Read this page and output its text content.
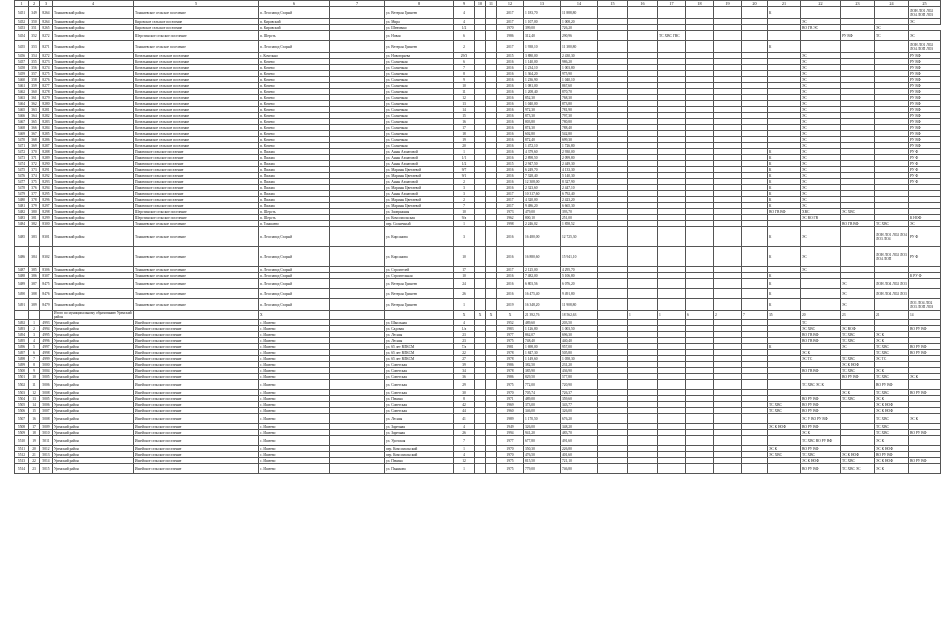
1	2	3	4	5	6	7	8	9	10	11	12	13	14	15	16	17	18	19	20	21	22	23	24	25
5451	349	8264	Тоншаевский район	Тоншаевское сельское поселение	п. Лесозавод Старый		ул. Ветеран Гринеев	4			2017	1 183,70	11 888,80							К				ЛОН ЛО1 ЛО2 ЛО4 ЛОП ЛО3
5452	350	8264	Тоншаевский район	Кировское сельское поселение	п. Кировский		ул. Мира	4			2017	1 107,00	1 008,20								ЭС			ЭС
5453	351	8265	Тоншаевский район	Кировское сельское поселение	п. Кировский		ул. Шевченко	1/2			1970	399,00	726,20								ВО ГВ ЭС		ЭС	
5454	352	8272	Тоншаевский район	Шерстинское сельское поселение	п. Шерсть		ул. Новая	6			1986	312,40	290,96			ТС ХВС ГВС						РУ ВФ	ТС	ЭС
5455	353	8271	Тоншаевский район	Тоншаевское сельское поселение	п. Лесозавод Старый		ул. Ветеран Гринеев	2			2017	1 938,10	11 380,80							К				ЛОН ЛО1 ЛО2 ЛО4 ЛОП ЛО3
5456	354	8272	Тоншаевский район	Кочельнинское сельское поселение	с. Кочельно		ул. Новоюрьева	29/3			2015	3 880,00	2 430,30								ЭС			РУ ВФ
5457	355	8273	Тоншаевский район	Кочельнинское сельское поселение	п. Кочево		ул. Солнечная	6			2016	1 140,00	986,20								ЭС			РУ ВФ
5458	356	8274	Тоншаевский район	Кочельнинское сельское поселение	п. Кочево		ул. Солнечная	7			2016	1 234,10	1 003,80								ЭС			РУ ВФ
5459	357	8275	Тоншаевский район	Кочельнинское сельское поселение	п. Кочево		ул. Солнечная	8			2016	1 364,20	975,90								ЭС			РУ ВФ
5460	358	8276	Тоншаевский район	Кочельнинское сельское поселение	п. Кочево		ул. Солнечная	9			2016	1 236,90	1 040,10								ЭС			РУ ВФ
5461	359	8277	Тоншаевский район	Кочельнинское сельское поселение	п. Кочево		ул. Солнечная	10			2016	1 081,00	867,60								ЭС			РУ ВФ
5462	360	8278	Тоншаевский район	Кочельнинское сельское поселение	п. Кочево		ул. Солнечная	11			2016	1 208,40	870,70								ЭС			РУ ВФ
5463	361	8279	Тоншаевский район	Кочельнинское сельское поселение	п. Кочево		ул. Солнечная	12			2016	852,30	768,30								ЭС			РУ ВФ
5464	362	8280	Тоншаевский район	Кочельнинское сельское поселение	п. Кочево		ул. Солнечная	13			2016	1 040,00	873,80								ЭС			РУ ВФ
5465	363	8281	Тоншаевский район	Кочельнинское сельское поселение	п. Кочево		ул. Солнечная	14			2016	972,30	781,90								ЭС			РУ ВФ
5466	364	8282	Тоншаевский район	Кочельнинское сельское поселение	п. Кочево		ул. Солнечная	15			2016	873,30	797,30								ЭС			РУ ВФ
5467	365	8283	Тоншаевский район	Кочельнинское сельское поселение	п. Кочево		ул. Солнечная	16			2016	803,80	780,80								ЭС			РУ ВФ
5468	366	8284	Тоншаевский район	Кочельнинское сельское поселение	п. Кочево		ул. Солнечная	17			2016	874,30	788,40								ЭС			РУ ВФ
5469	367	8285	Тоншаевский район	Кочельнинское сельское поселение	п. Кочево		ул. Солнечная	18			2016	602,80	542,80								ЭС			РУ ВФ
5470	368	8286	Тоншаевский район	Кочельнинское сельское поселение	п. Кочево		ул. Солнечная	19			2016	872,40	699,30								ЭС			РУ ВФ
5471	369	8287	Тоншаевский район	Кочельнинское сельское поселение	п. Кочево		ул. Солнечная	20			2016	1 472,10	1 726,80								ЭС			РУ ВФ
5472	370	8288	Тоншаевский район	Пижемское сельское поселение	п. Пижма		ул. Анны Ахматовой	1			2016	4 379,60	2 930,00							К	ЭС			РУ Ф
5473	371	8289	Тоншаевский район	Пижемское сельское поселение	п. Пижма		ул. Анны Ахматовой	1/1			2016	2 898,50	2 099,80							К	ЭС			РУ Ф
5474	372	8290	Тоншаевский район	Пижемское сельское поселение	п. Пижма		ул. Анны Ахматовой	1/2			2015	2 947,50	2 449,30							К	ЭС			РУ Ф
5475	373	8291	Тоншаевский район	Пижемское сельское поселение	п. Пижма		ул. Марины Цветаевой	9/7			2016	6 249,70	4 133,30							К	ЭС			РУ Ф
5476	374	8292	Тоншаевский район	Пижемское сельское поселение	п. Пижма		ул. Марины Цветаевой	9/1			2016	7 328,40	5 140,30							К	ЭС			РУ Ф
5477	375	8293	Тоншаевский район	Пижемское сельское поселение	п. Пижма		ул. Анны Ахматовой	2			2016	12 308,00	8 327,90							К	ЭС			РУ Ф
5478	376	8294	Тоншаевский район	Пижемское сельское поселение	п. Пижма		ул. Марины Цветаевой	3			2016	2 323,60	2 447,10							К	ЭС			
5479	377	8295	Тоншаевский район	Пижемское сельское поселение	п. Пижма		ул. Анны Ахматовой	3			2017	10 317,60	6 792,40							К	ЭС			
5480	378	8296	Тоншаевский район	Пижемское сельское поселение	п. Пижма		ул. Марины Цветаевой	2			2017	4 320,00	2 423,20							К	ЭС			
5481	379	8297	Тоншаевский район	Пижемское сельское поселение	п. Пижма		ул. Марины Цветаевой	7			2017	9 486,20	6 665,30							К	ЭС			
5482	380	8298	Тоншаевский район	Шерстинское сельское поселение	п. Шерсть		ул. Заовражная	10			1973	479,00	393,70							ВО ГВ ВФ	ХВС	ЭС ХВС		
5483	381	8299	Тоншаевский район	Шерстинское сельское поселение	п. Шерсть		ул. Комсомольская	9/а			1962	800,10	251,00								ЭС ВО ГВ			К НОФ
5484	382	8300	Тоншаевский район	Тоншаевское сельское поселение	п. Тоншаево		пер. Солнечный	1			1998	2 246,02	1 858,52									ВО ГВ ВФ	ТС ХВС	ЭС
5485	383	8301	Тоншаевский район	Тоншаевское сельское поселение	п. Лесозавод Старый		ул. Кирсанова	3			2016	16 480,00	12 725,30							К	ЭС		ЛОН ЛО1 ЛО2 ЛО4 ЛО3 ЛО4	РУ Ф
5486	384	8302	Тоншаевский район	Тоншаевское сельское поселение	п. Лесозавод Старый		ул. Кирсанова	10			2016	16 880,60	15 941,10							К	ЭС		ЛОН ЛО1 ЛО2 ЛО3 ЛО4 ЛОП	РУ Ф
5487	385	8306	Тоншаевский район	Тоншаевское сельское поселение	п. Лесозавод Старый		ул. Строителей	17			2017	2 125,00	4 295,70								ЭС			
5488	386	8307	Тоншаевский район	Тоншаевское сельское поселение	п. Лесозавод Старый		ул. Строительная	10			2016	7 482,00	5 106,80							К				К РУ Ф
5489	387	8475	Тоншаевский район	Тоншаевское сельское поселение	п. Лесозавод Старый		ул. Ветеран Гринеев	24			2016	6 803,56	6 076,20							К		ЭС	ЛОН ЛО4 ЛО2 ЛО3	
5490	388	8476	Тоншаевский район	Тоншаевское сельское поселение	п. Лесозавод Старый		ул. Ветеран Гринеев	26			2016	16 475,40	9 491,80							К		ЭС	ЛОН ЛО4 ЛО2 ЛО3	
5491	389	8479	Тоншаевский район	Тоншаевское сельское поселение	п. Лесозавод Старый		ул. Ветеран Гринеев	1			2019	16 348,20	11 908,80							К		ЭС		ЛО1 ЛО4 ЛО2 ЛО3 ЛОП ЛОЗ
			Итого по муниципальному образованию Уренский район		Х			Х	Х	Х	Х	21 392,76	18 562,63		1	1	6	2	7	35	20	23	21	14
5492	1	4993	Уренский район	Ишейское сельское поселение	с. Ишеево		ул. Школьная	4			1952	489,60	203,50								ТС			
5493	2	4994	Уренский район	Ишейское сельское поселение	с. Ишеево		ул. Садовая	1/а			1983	1 126,80	1 003,50								ЭС ХВС	ЭС ВОФ		ВО РУ ВФ
5494	3	4995	Уренский район	Ишейское сельское поселение	с. Ишеево		ул. Лесная	23			1977	862,07	696,30								ВО ГВ ВФ	ТС ХВС	ЭС К	
5495	4	4996	Уренский район	Ишейское сельское поселение	с. Ишеево		ул. Лесная	23			1975	748,40	440,40								ВО ГВ ВФ	ТС ХВС	ЭС К	
5496	5	4997	Уренский район	Ишейское сельское поселение	с. Ишеево		ул. 65 лет ВЛКСМ	7/а			1981	1 698,00	957,00							К		ЭС	ТС ХВС	ВО РУ ВФ
5497	6	4998	Уренский район	Ишейское сельское поселение	с. Ишеево		ул. 65 лет ВЛКСМ	22			1978	1 847,30	505,80								ЭС К		ТС ХВС	ВО РУ ВФ
5498	7	4999	Уренский район	Ишейское сельское поселение	с. Ишеево		ул. 65 лет ВЛКСМ	27			1978	1 149,60	1 058,30								ЭС ТС	ТС ХВС	ЭС ТС	
5499	8	5000	Уренский район	Ишейское сельское поселение	с. Ишеево		ул. Советская	39			1986	382,50	231,20									ЭС К НОФ		
5500	9	5004	Уренский район	Ишейское сельское поселение	с. Ишеево		ул. Советская	34			1978	385,90	436,90								ВО ГВ ВФ	ТС ХВС	ЭС К	
5501	10	5005	Уренский район	Ишейское сельское поселение	с. Ишеево		ул. Советская	36			1986	829,50	577,80									ВО РУ ВФ	ТС ХВС	ЭС К
5502	11	5006	Уренский район	Ишейское сельское поселение	с. Ишеево		ул. Советская	29			1975	772,00	720,90								ТС ХВС ЭС К		ВО РУ ВФ	
5503	12	5008	Уренский район	Ишейское сельское поселение	с. Ишеево		ул. Советская	30			1970	705,74	726,37									ЭС К	ТС ХВС	ВО РУ ВФ
5504	13	5005	Уренский район	Ишейское сельское поселение	с. Ишеево		ул. Пекина	8			1971	489,00	359,60								ВО РУ ВФ	ТС ХВС	ЭС К	
5505	14	5006	Уренский район	Ишейское сельское поселение	с. Ишеево		ул. Советская	42			1969	373,00	343,77							ТС ХВС	ВО РУ ВФ		ЭС К НОФ	
5506	15	5007	Уренский район	Ишейское сельское поселение	с. Ишеево		ул. Советская	44			1960	346,00	326,00							ТС ХВС	ВО РУ ВФ		ЭС К НОФ	
5507	16	5008	Уренский район	Ишейское сельское поселение	с. Ишеево		ул. Лесная	41			1989	1 170,50	676,20								ЭС У ВО РУ ВФ		ТС ХВС	ЭС К
5508	17	5009	Уренский район	Ишейское сельское поселение	с. Ишеево		ул. Заречная	4			1949	326,00	348,20							ЭС К НОФ	ВО РУ ВФ		ТС ХВС	
5509	18	5010	Уренский район	Ишейское сельское поселение	с. Ишеево		ул. Заречная	26			1994	941,20	483,70								ЭС К		ТС ХВС	ВО РУ ВФ
5510	19	5011	Уренский район	Ишейское сельское поселение	с. Ишеево		ул. Урочская	7			1977	677,80	491,60								ТС ХВС ВО РУ ВФ		ЭС К	
5511	20	5012	Уренский район	Ишейское сельское поселение	с. Ишеево		пер. Комсомольский	1			1970	350,30	226,80							ЭС К	ВО РУ ВФ		ЭС К НОФ	
5512	21	5013	Уренский район	Ишейское сельское поселение	с. Ишеево		пер. Комсомольский	4			1970	476,50	401,60							ЭС ХВС	ТС ХВС	ЭС К НОФ	ВО РУ ВФ	
5513	22	5014	Уренский район	Ишейское сельское поселение	с. Ишеево		ул. Пекина	12			1975	815,50	721,10								ЭС К НОФ	ТС ХВС	ЭС К НОФ	ВО РУ ВФ
5514	23	5015	Уренский район	Ишейское сельское поселение	с. Ишеево		ул. Пьянкова	1			1975	779,00	746,80								ВО РУ ВФ	ТС ХВС ЭС	ЭС К	
